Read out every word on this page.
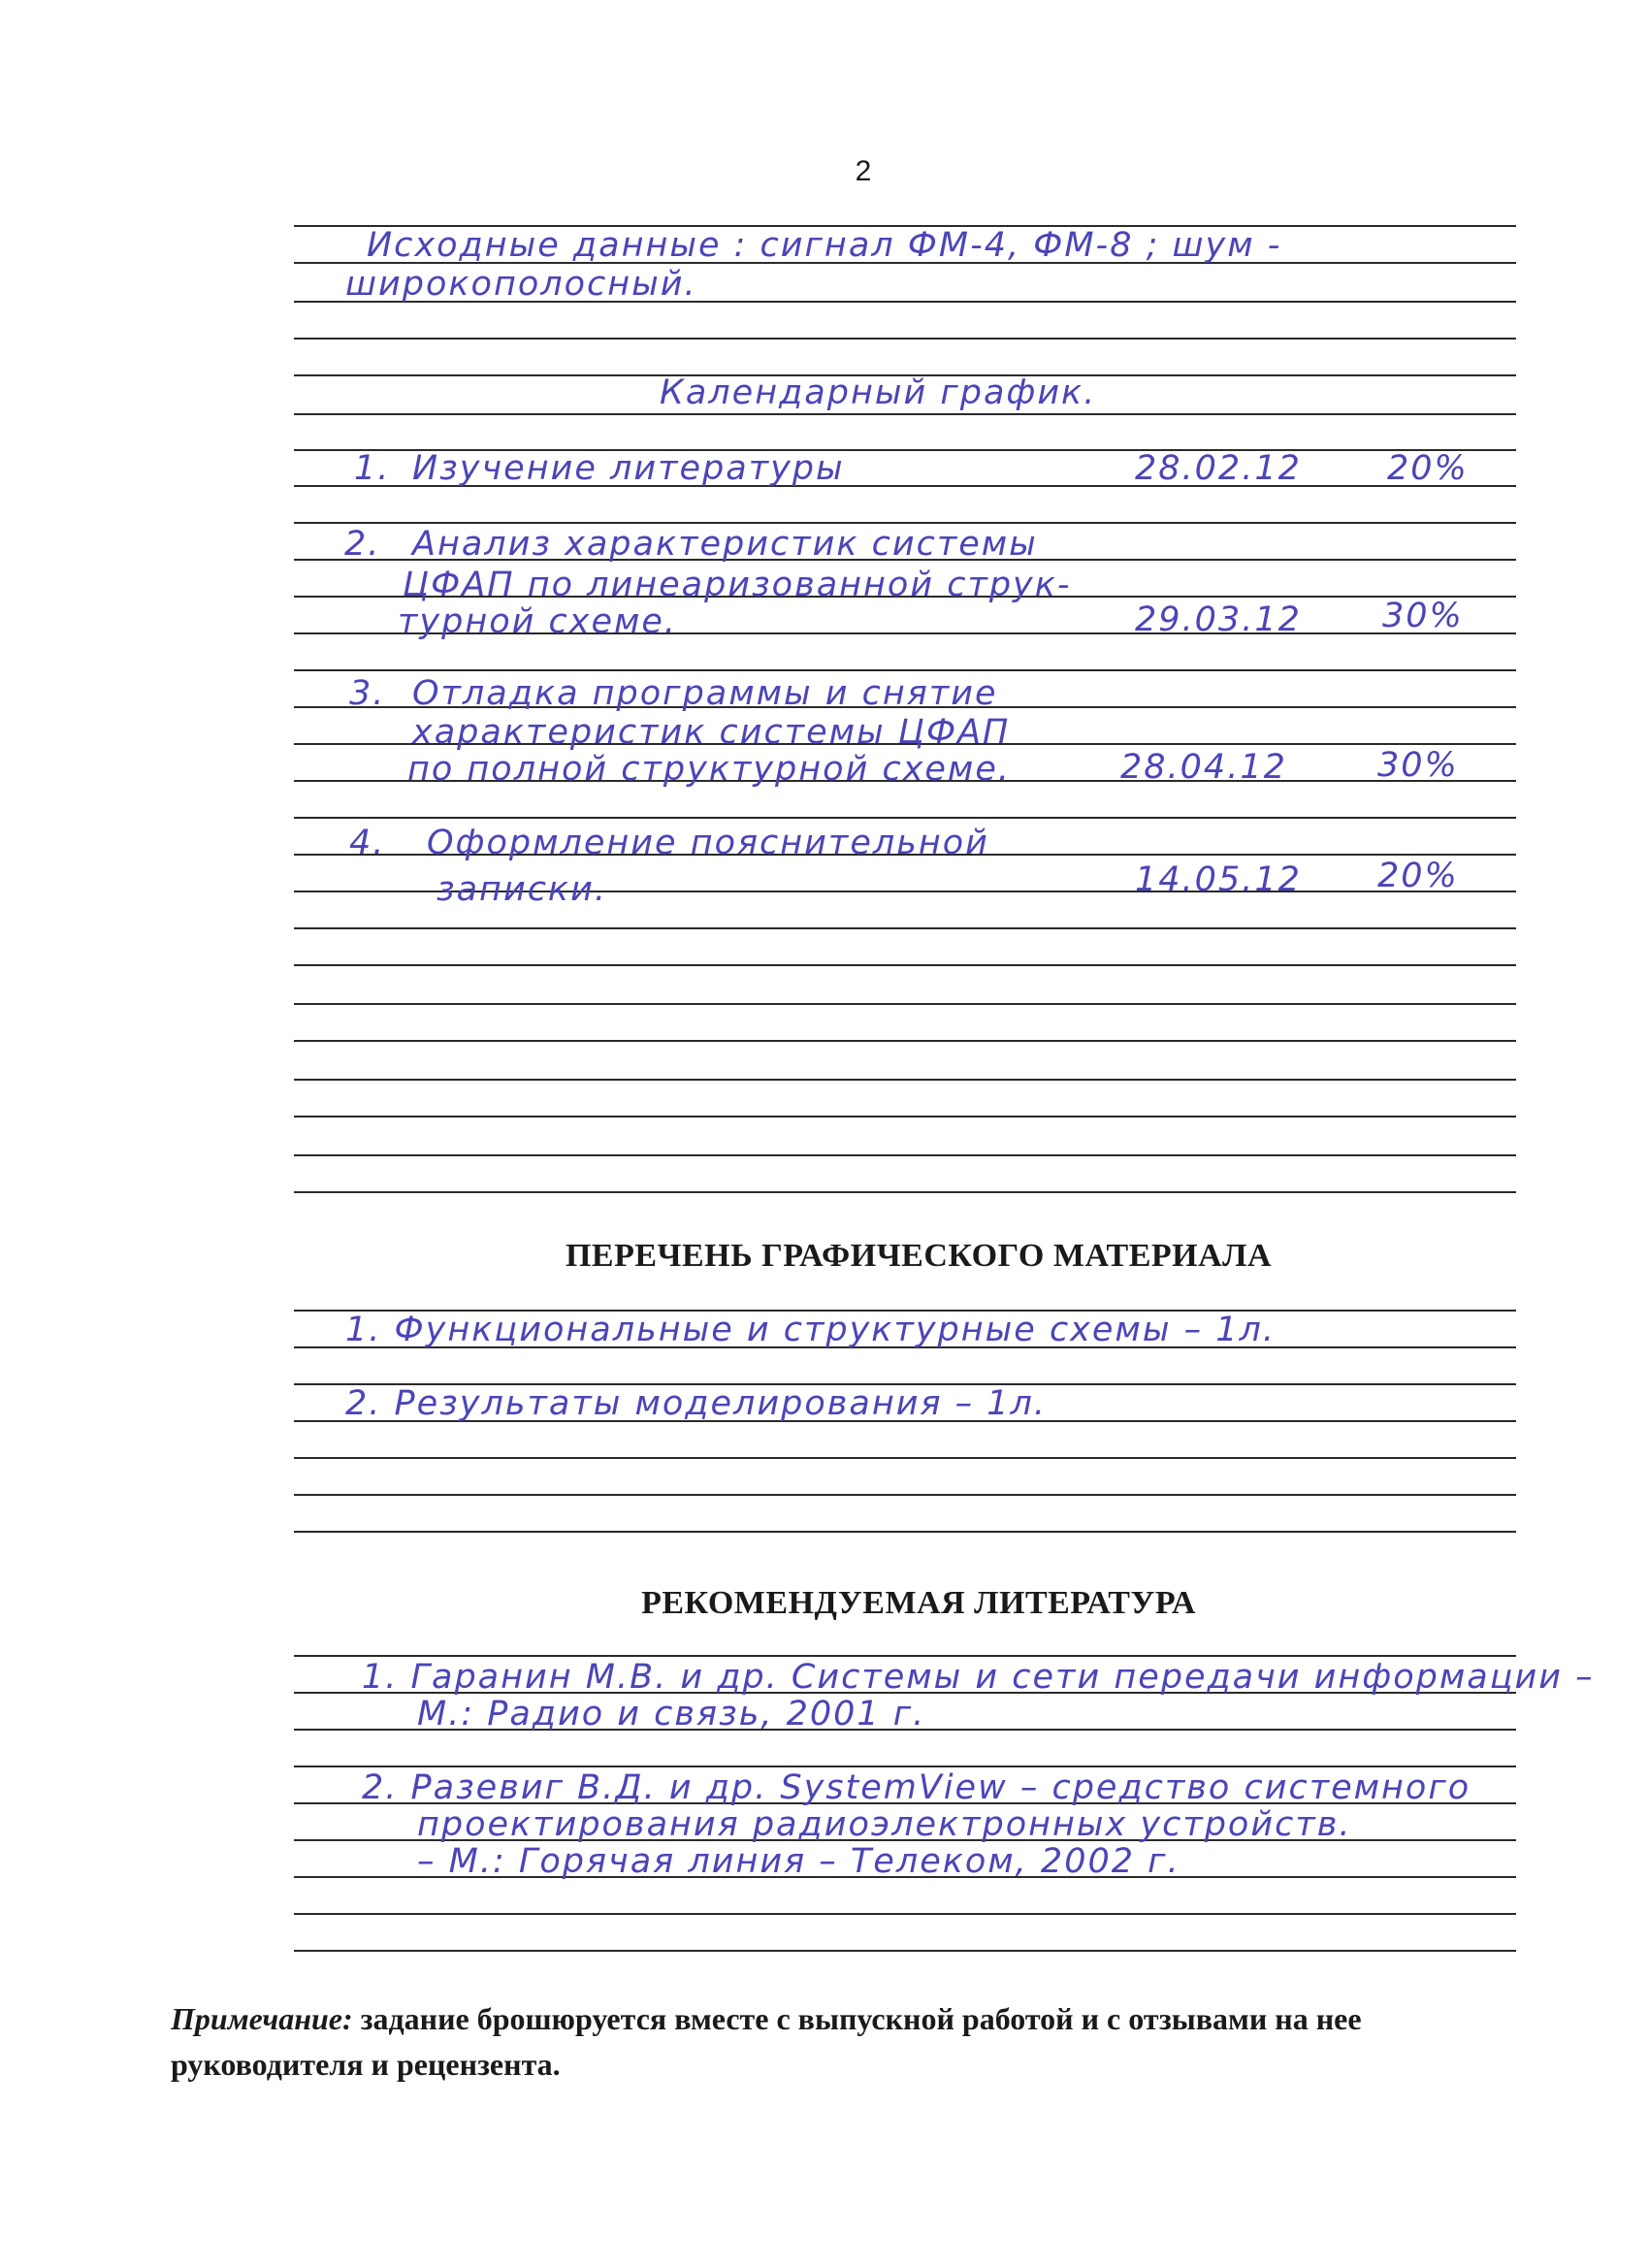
2
Исходные данные : сигнал ФМ-4, ФМ-8 ; шум -
широкополосный.
Календарный график.
1. Изучение литературы	28.02.12	20%
2. Анализ характеристик системы
ЦФАП по линеаризованной струк-
турной схеме.	29.03.12 30%
3. Отладка программы и снятие
характеристик системы ЦФАП
по полной структурной схеме.	28.04.12	30%
4. Оформление пояснительной
записки.	14.05.12 20%
ПЕРЕЧЕНЬ ГРАФИЧЕСКОГО МАТЕРИАЛА
1. Функциональные и структурные схемы – 1л.
2. Результаты моделирования – 1л.
РЕКОМЕНДУЕМАЯ ЛИТЕРАТУРА
1. Гаранин М.В. и др. Системы и сети передачи информации –
М.: Радио и связь, 2001 г.
2. Разевиг В.Д. и др. SystemView – средство системного
проектирования радиоэлектронных устройств.
– М.: Горячая линия – Телеком, 2002 г.
Примечание: задание брошюруется вместе с выпускной работой и с отзывами на нее руководителя и рецензента.
